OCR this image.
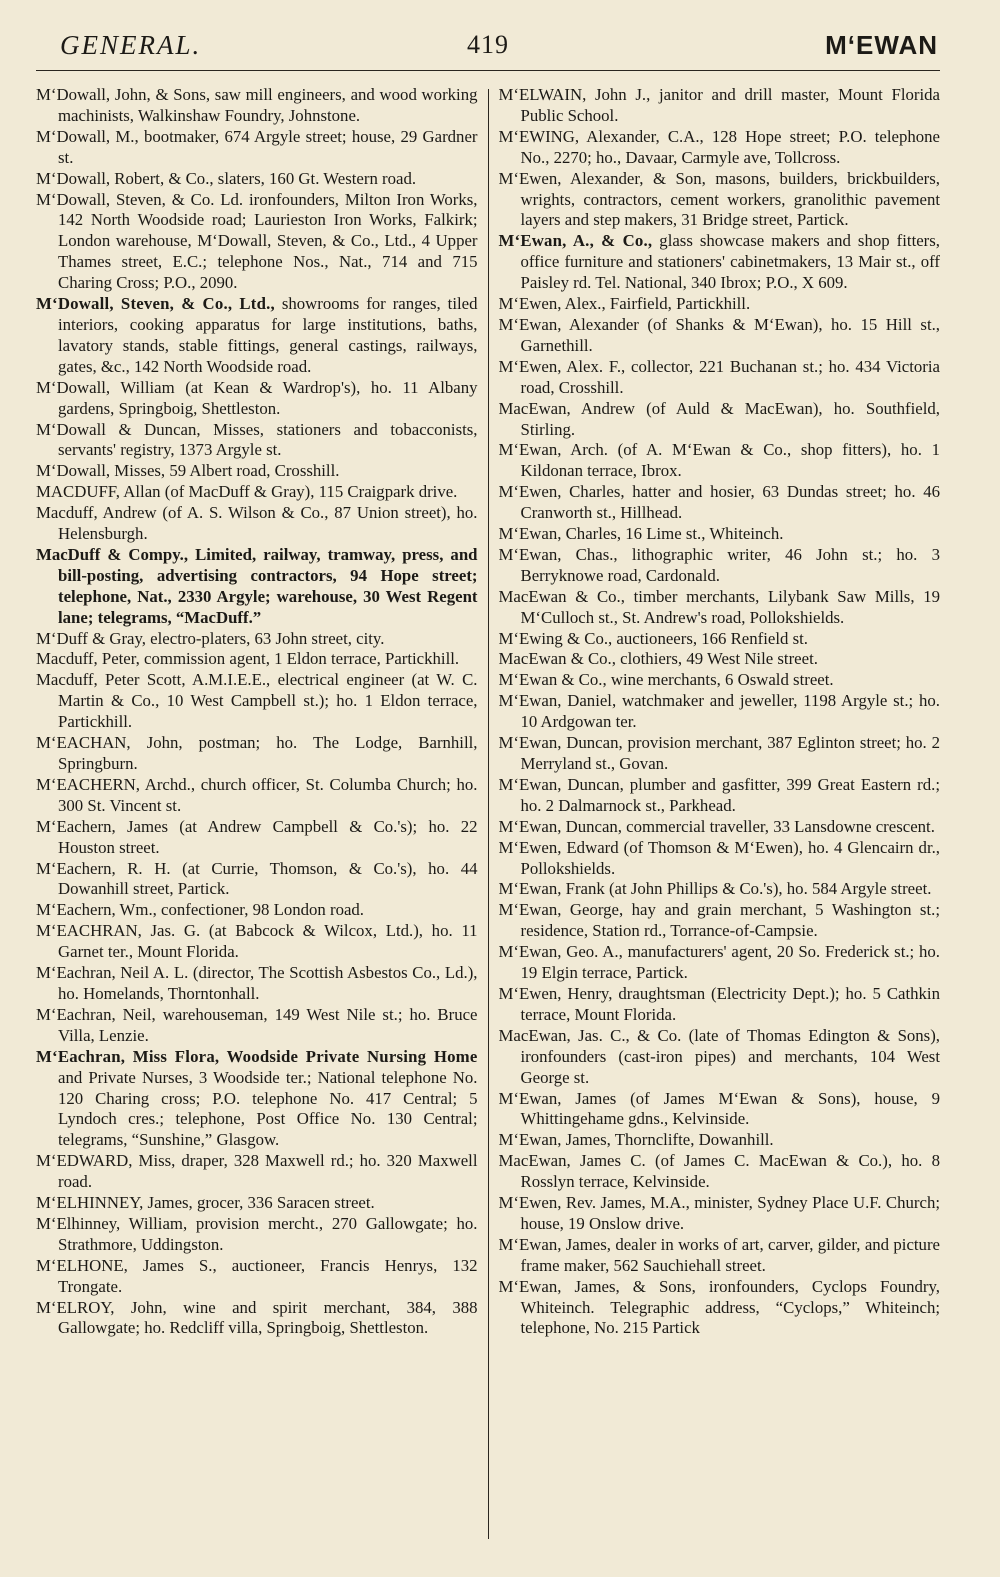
GENERAL.	419	M‘EWAN

M‘Dowall, John, & Sons, saw mill engineers, and wood working machinists, Walkinshaw Foundry, Johnstone.

M‘Dowall, M., bootmaker, 674 Argyle street; house, 29 Gardner st.

M‘Dowall, Robert, & Co., slaters, 160 Gt. Western road.

M‘Dowall, Steven, & Co. Ld. ironfounders, Milton Iron Works, 142 North Woodside road; Laurieston Iron Works, Falkirk; London warehouse, M‘Dowall, Steven, & Co., Ltd., 4 Upper Thames street, E.C.; telephone Nos., Nat., 714 and 715 Charing Cross; P.O., 2090.

M‘Dowall, Steven, & Co., Ltd., showrooms for ranges, tiled interiors, cooking apparatus for large institutions, baths, lavatory stands, stable fittings, general castings, railways, gates, &c., 142 North Woodside road.

M‘Dowall, William (at Kean & Wardrop's), ho. 11 Albany gardens, Springboig, Shettleston.

M‘Dowall & Duncan, Misses, stationers and tobacconists, servants' registry, 1373 Argyle st.

M‘Dowall, Misses, 59 Albert road, Crosshill.

MACDUFF, Allan (of MacDuff & Gray), 115 Craigpark drive.

Macduff, Andrew (of A. S. Wilson & Co., 87 Union street), ho. Helensburgh.

MacDuff & Compy., Limited, railway, tramway, press, and bill-posting, advertising contractors, 94 Hope street; telephone, Nat., 2330 Argyle; warehouse, 30 West Regent lane; telegrams, “MacDuff.”

M‘Duff & Gray, electro-platers, 63 John street, city.

Macduff, Peter, commission agent, 1 Eldon terrace, Partickhill.

Macduff, Peter Scott, A.M.I.E.E., electrical engineer (at W. C. Martin & Co., 10 West Campbell st.); ho. 1 Eldon terrace, Partickhill.

M‘EACHAN, John, postman; ho. The Lodge, Barnhill, Springburn.

M‘EACHERN, Archd., church officer, St. Columba Church; ho. 300 St. Vincent st.

M‘Eachern, James (at Andrew Campbell & Co.'s); ho. 22 Houston street.

M‘Eachern, R. H. (at Currie, Thomson, & Co.'s), ho. 44 Dowanhill street, Partick.

M‘Eachern, Wm., confectioner, 98 London road.

M‘EACHRAN, Jas. G. (at Babcock & Wilcox, Ltd.), ho. 11 Garnet ter., Mount Florida.

M‘Eachran, Neil A. L. (director, The Scottish Asbestos Co., Ld.), ho. Homelands, Thorntonhall.

M‘Eachran, Neil, warehouseman, 149 West Nile st.; ho. Bruce Villa, Lenzie.

M‘Eachran, Miss Flora, Woodside Private Nursing Home and Private Nurses, 3 Woodside ter.; National telephone No. 120 Charing cross; P.O. telephone No. 417 Central; 5 Lyndoch cres.; telephone, Post Office No. 130 Central; telegrams, “Sunshine,” Glasgow.

M‘EDWARD, Miss, draper, 328 Maxwell rd.; ho. 320 Maxwell road.

M‘ELHINNEY, James, grocer, 336 Saracen street.

M‘Elhinney, William, provision mercht., 270 Gallowgate; ho. Strathmore, Uddingston.

M‘ELHONE, James S., auctioneer, Francis Henrys, 132 Trongate.

M‘ELROY, John, wine and spirit merchant, 384, 388 Gallowgate; ho. Redcliff villa, Springboig, Shettleston.

M‘ELWAIN, John J., janitor and drill master, Mount Florida Public School.

M‘EWING, Alexander, C.A., 128 Hope street; P.O. telephone No., 2270; ho., Davaar, Carmyle ave, Tollcross.

M‘Ewen, Alexander, & Son, masons, builders, brickbuilders, wrights, contractors, cement workers, granolithic pavement layers and step makers, 31 Bridge street, Partick.

M‘Ewan, A., & Co., glass showcase makers and shop fitters, office furniture and stationers' cabinetmakers, 13 Mair st., off Paisley rd. Tel. National, 340 Ibrox; P.O., X 609.

M‘Ewen, Alex., Fairfield, Partickhill.

M‘Ewan, Alexander (of Shanks & M‘Ewan), ho. 15 Hill st., Garnethill.

M‘Ewen, Alex. F., collector, 221 Buchanan st.; ho. 434 Victoria road, Crosshill.

MacEwan, Andrew (of Auld & MacEwan), ho. Southfield, Stirling.

M‘Ewan, Arch. (of A. M‘Ewan & Co., shop fitters), ho. 1 Kildonan terrace, Ibrox.

M‘Ewen, Charles, hatter and hosier, 63 Dundas street; ho. 46 Cranworth st., Hillhead.

M‘Ewan, Charles, 16 Lime st., Whiteinch.

M‘Ewan, Chas., lithographic writer, 46 John st.; ho. 3 Berryknowe road, Cardonald.

MacEwan & Co., timber merchants, Lilybank Saw Mills, 19 M‘Culloch st., St. Andrew's road, Pollokshields.

M‘Ewing & Co., auctioneers, 166 Renfield st.

MacEwan & Co., clothiers, 49 West Nile street.

M‘Ewan & Co., wine merchants, 6 Oswald street.

M‘Ewan, Daniel, watchmaker and jeweller, 1198 Argyle st.; ho. 10 Ardgowan ter.

M‘Ewan, Duncan, provision merchant, 387 Eglinton street; ho. 2 Merryland st., Govan.

M‘Ewan, Duncan, plumber and gasfitter, 399 Great Eastern rd.; ho. 2 Dalmarnock st., Parkhead.

M‘Ewan, Duncan, commercial traveller, 33 Lansdowne crescent.

M‘Ewen, Edward (of Thomson & M‘Ewen), ho. 4 Glencairn dr., Pollokshields.

M‘Ewan, Frank (at John Phillips & Co.'s), ho. 584 Argyle street.

M‘Ewan, George, hay and grain merchant, 5 Washington st.; residence, Station rd., Torrance-of-Campsie.

M‘Ewan, Geo. A., manufacturers' agent, 20 So. Frederick st.; ho. 19 Elgin terrace, Partick.

M‘Ewen, Henry, draughtsman (Electricity Dept.); ho. 5 Cathkin terrace, Mount Florida.

MacEwan, Jas. C., & Co. (late of Thomas Edington & Sons), ironfounders (cast-iron pipes) and merchants, 104 West George st.

M‘Ewan, James (of James M‘Ewan & Sons), house, 9 Whittingehame gdns., Kelvinside.

M‘Ewan, James, Thornclifte, Dowanhill.

MacEwan, James C. (of James C. MacEwan & Co.), ho. 8 Rosslyn terrace, Kelvinside.

M‘Ewen, Rev. James, M.A., minister, Sydney Place U.F. Church; house, 19 Onslow drive.

M‘Ewan, James, dealer in works of art, carver, gilder, and picture frame maker, 562 Sauchiehall street.

M‘Ewan, James, & Sons, ironfounders, Cyclops Foundry, Whiteinch. Telegraphic address, “Cyclops,” Whiteinch; telephone, No. 215 Partick
